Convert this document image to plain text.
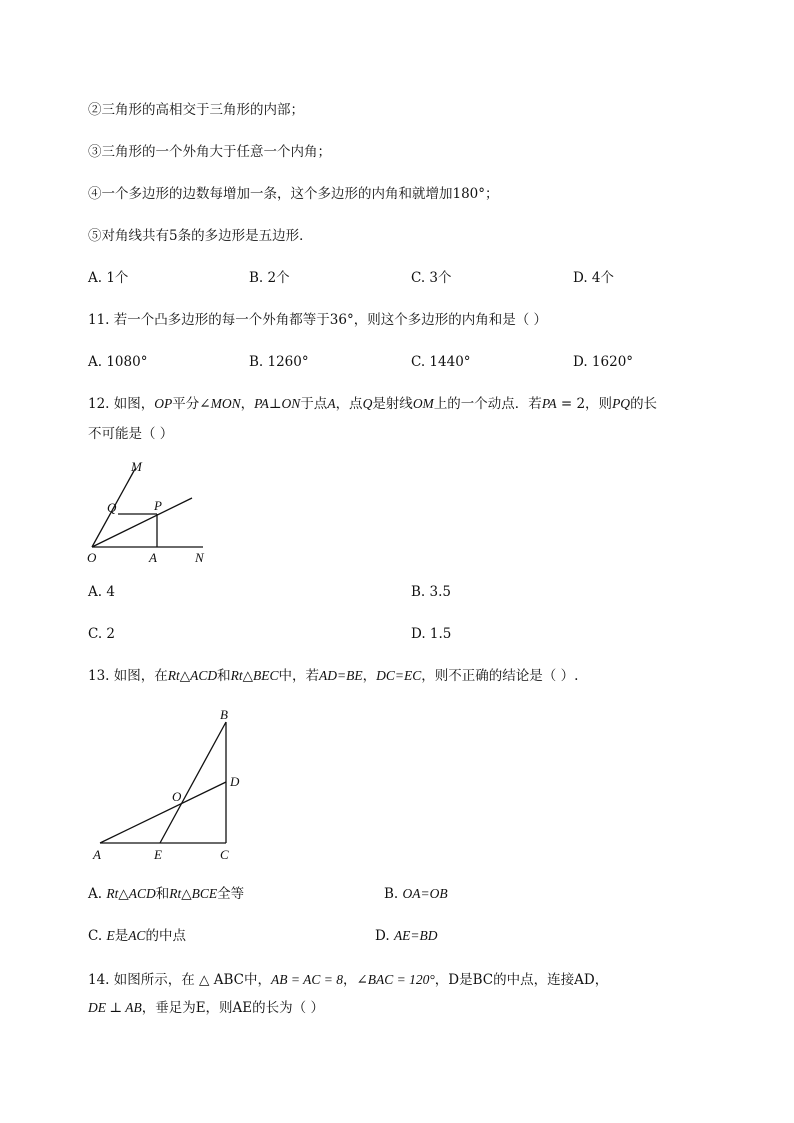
②三角形的高相交于三角形的内部；
③三角形的一个外角大于任意一个内角；
④一个多边形的边数每增加一条，这个多边形的内角和就增加180°；
⑤对角线共有5条的多边形是五边形．
A. 1个	B. 2个	C. 3个	D. 4个
11. 若一个凸多边形的每一个外角都等于36°，则这个多边形的内角和是（ ）
A. 1080°	B. 1260°	C. 1440°	D. 1620°
12. 如图，OP平分∠MON，PA⊥ON于点A，点Q是射线OM上的一个动点．若PA = 2，则PQ的长
不可能是（ ）
M
Q	P
O	A	N
A. 4	B. 3.5
C. 2	D. 1.5
13. 如图，在Rt△ACD和Rt△BEC中，若AD=BE，DC=EC，则不正确的结论是（ ）.
B
D
O
A	E	C
A. Rt△ACD和Rt△BCE全等	B. OA=OB
C. E是AC的中点	D. AE=BD
14. 如图所示，在 △ ABC中，AB = AC = 8，∠BAC = 120°，D是BC的中点，连接AD，
DE ⊥ AB，垂足为E，则AE的长为（ ）
